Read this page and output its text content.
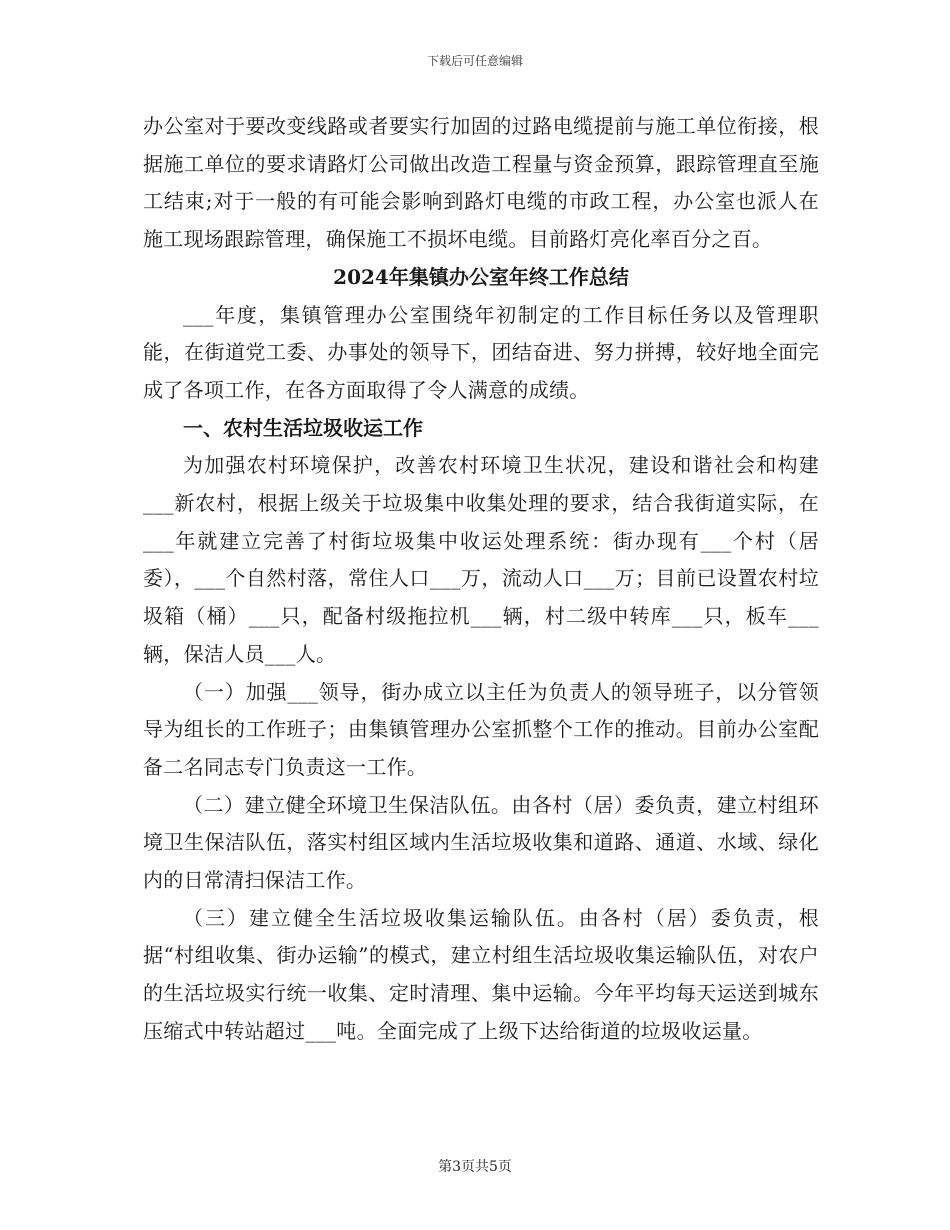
下载后可任意编辑

办公室对于要改变线路或者要实行加固的过路电缆提前与施工单位衔接，根据施工单位的要求请路灯公司做出改造工程量与资金预算，跟踪管理直至施工结束;对于一般的有可能会影响到路灯电缆的市政工程，办公室也派人在施工现场跟踪管理，确保施工不损坏电缆。目前路灯亮化率百分之百。

2024年集镇办公室年终工作总结

___年度，集镇管理办公室围绕年初制定的工作目标任务以及管理职能，在街道党工委、办事处的领导下，团结奋进、努力拼搏，较好地全面完成了各项工作，在各方面取得了令人满意的成绩。

一、农村生活垃圾收运工作

为加强农村环境保护，改善农村环境卫生状况，建设和谐社会和构建___新农村，根据上级关于垃圾集中收集处理的要求，结合我街道实际，在___年就建立完善了村街垃圾集中收运处理系统：街办现有___个村（居委），___个自然村落，常住人口___万，流动人口___万；目前已设置农村垃圾箱（桶）___只，配备村级拖拉机___辆，村二级中转库___只，板车___辆，保洁人员___人。

（一）加强___领导，街办成立以主任为负责人的领导班子，以分管领导为组长的工作班子；由集镇管理办公室抓整个工作的推动。目前办公室配备二名同志专门负责这一工作。

（二）建立健全环境卫生保洁队伍。由各村（居）委负责，建立村组环境卫生保洁队伍，落实村组区域内生活垃圾收集和道路、通道、水域、绿化内的日常清扫保洁工作。

（三）建立健全生活垃圾收集运输队伍。由各村（居）委负责，根据“村组收集、街办运输”的模式，建立村组生活垃圾收集运输队伍，对农户的生活垃圾实行统一收集、定时清理、集中运输。今年平均每天运送到城东压缩式中转站超过___吨。全面完成了上级下达给街道的垃圾收运量。

第3页共5页
